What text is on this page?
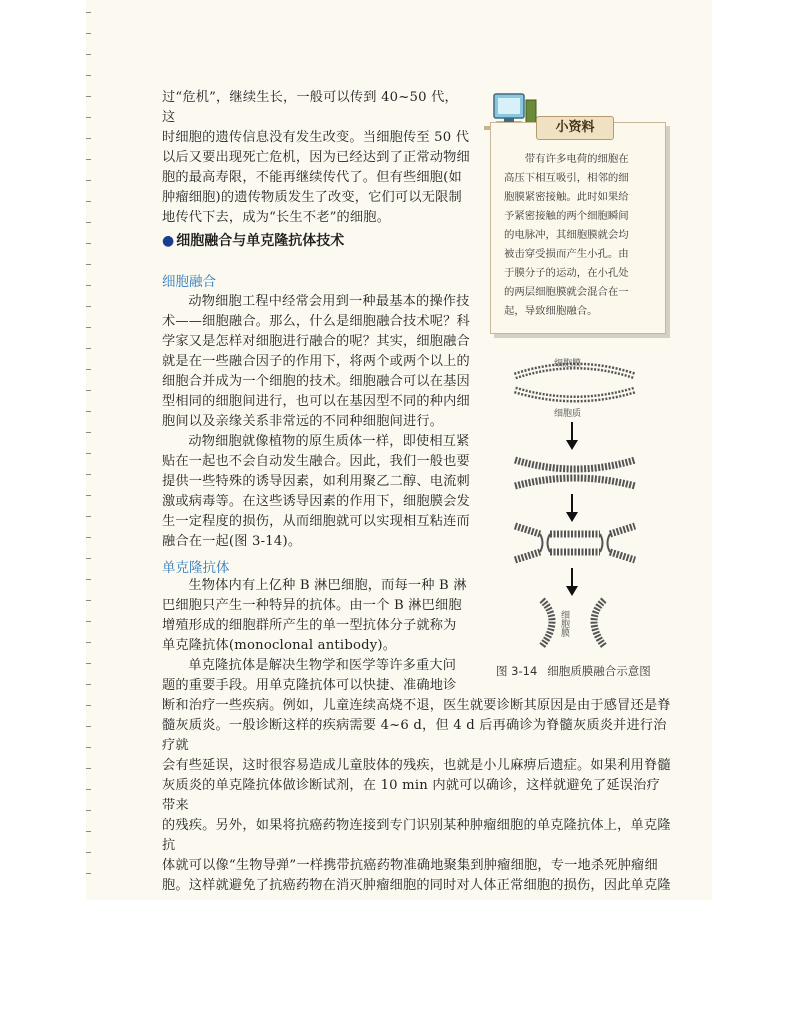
过“危机”，继续生长，一般可以传到 40~50 代，这

时细胞的遗传信息没有发生改变。当细胞传至 50 代

以后又要出现死亡危机，因为已经达到了正常动物细

胞的最高寿限，不能再继续传代了。但有些细胞(如

肿瘤细胞)的遗传物质发生了改变，它们可以无限制

地传代下去，成为“长生不老”的细胞。

● 细胞融合与单克隆抗体技术
细胞融合

动物细胞工程中经常会用到一种最基本的操作技

术——细胞融合。那么，什么是细胞融合技术呢？科

学家又是怎样对细胞进行融合的呢？其实，细胞融合

就是在一些融合因子的作用下，将两个或两个以上的

细胞合并成为一个细胞的技术。细胞融合可以在基因

型相同的细胞间进行，也可以在基因型不同的种内细

胞间以及亲缘关系非常远的不同种细胞间进行。

动物细胞就像植物的原生质体一样，即使相互紧

贴在一起也不会自动发生融合。因此，我们一般也要

提供一些特殊的诱导因素，如利用聚乙二醇、电流刺

激或病毒等。在这些诱导因素的作用下，细胞膜会发

生一定程度的损伤，从而细胞就可以实现相互粘连而

融合在一起(图 3-14)。

单克隆抗体

生物体内有上亿种 B 淋巴细胞，而每一种 B 淋

巴细胞只产生一种特异的抗体。由一个 B 淋巴细胞

增殖形成的细胞群所产生的单一型抗体分子就称为

单克隆抗体(monoclonal antibody)。

单克隆抗体是解决生物学和医学等许多重大问

题的重要手段。用单克隆抗体可以快捷、准确地诊

断和治疗一些疾病。例如，儿童连续高烧不退，医生就要诊断其原因是由于感冒还是脊

髓灰质炎。一般诊断这样的疾病需要 4~6 d，但 4 d 后再确诊为脊髓灰质炎并进行治疗就

会有些延误，这时很容易造成儿童肢体的残疾，也就是小儿麻痹后遗症。如果利用脊髓

灰质炎的单克隆抗体做诊断试剂，在 10 min 内就可以确诊，这样就避免了延误治疗带来

的残疾。另外，如果将抗癌药物连接到专门识别某种肿瘤细胞的单克隆抗体上，单克隆抗

体就可以像“生物导弹”一样携带抗癌药物准确地聚集到肿瘤细胞，专一地杀死肿瘤细

胞。这样就避免了抗癌药物在消灭肿瘤细胞的同时对人体正常细胞的损伤，因此单克隆

小资料

带有许多电荷的细胞在

高压下相互吸引，相邻的细
胞膜紧密接触。此时如果给
予紧密接触的两个细胞瞬间
的电脉冲，其细胞膜就会均
被击穿受损而产生小孔。由
于膜分子的运动，在小孔处
的两层细胞膜就会混合在一
起，导致细胞融合。
细胞膜
细胞质
细胞膜
图 3-14 细胞质膜融合示意图
